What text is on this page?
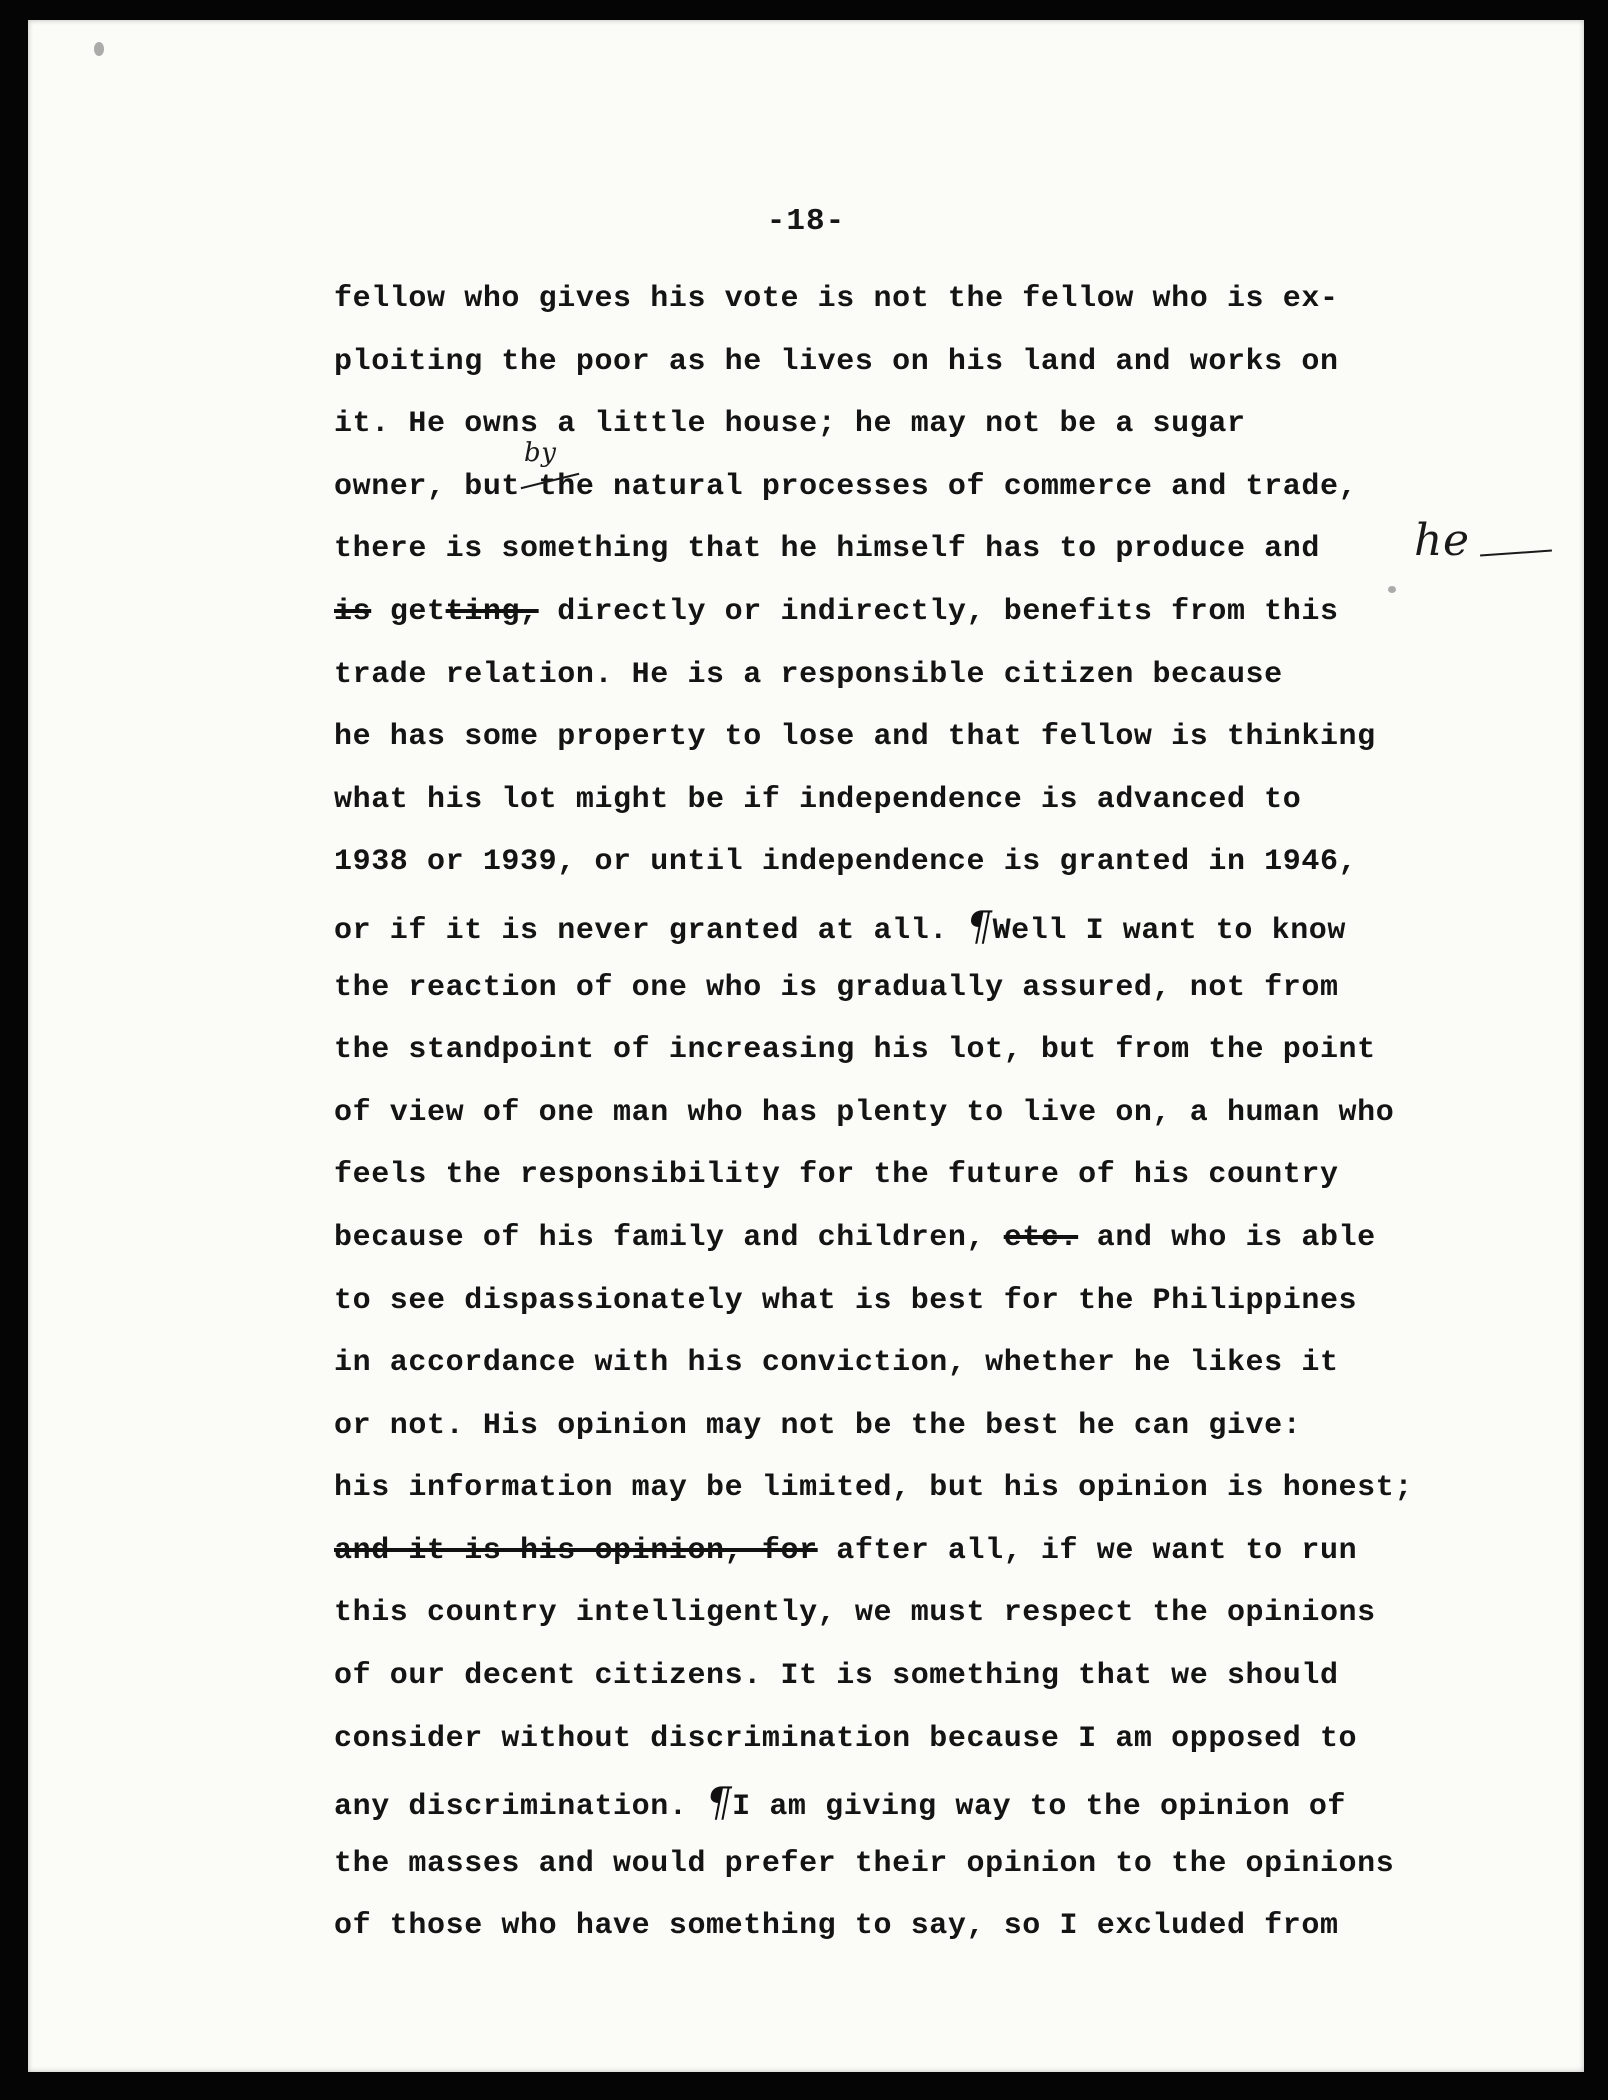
-18-
fellow who gives his vote is not the fellow who is ex-
ploiting the poor as he lives on his land and works on
it. He owns a little house; he may not be a sugar
owner, but the natural processes of commerce and trade,
by
there is something that he himself has to produce and he
is getting, directly or indirectly, benefits from this
trade relation. He is a responsible citizen because
he has some property to lose and that fellow is thinking
what his lot might be if independence is advanced to
1938 or 1939, or until independence is granted in 1946,
or if it is never granted at all. ¶Well I want to know
the reaction of one who is gradually assured, not from
the standpoint of increasing his lot, but from the point
of view of one man who has plenty to live on, a human who
feels the responsibility for the future of his country
because of his family and children, etc. and who is able
to see dispassionately what is best for the Philippines
in accordance with his conviction, whether he likes it
or not. His opinion may not be the best he can give:
his information may be limited, but his opinion is honest;
and it is his opinion, for after all, if we want to run
this country intelligently, we must respect the opinions
of our decent citizens. It is something that we should
consider without discrimination because I am opposed to
any discrimination. ¶I am giving way to the opinion of
the masses and would prefer their opinion to the opinions
of those who have something to say, so I excluded from
